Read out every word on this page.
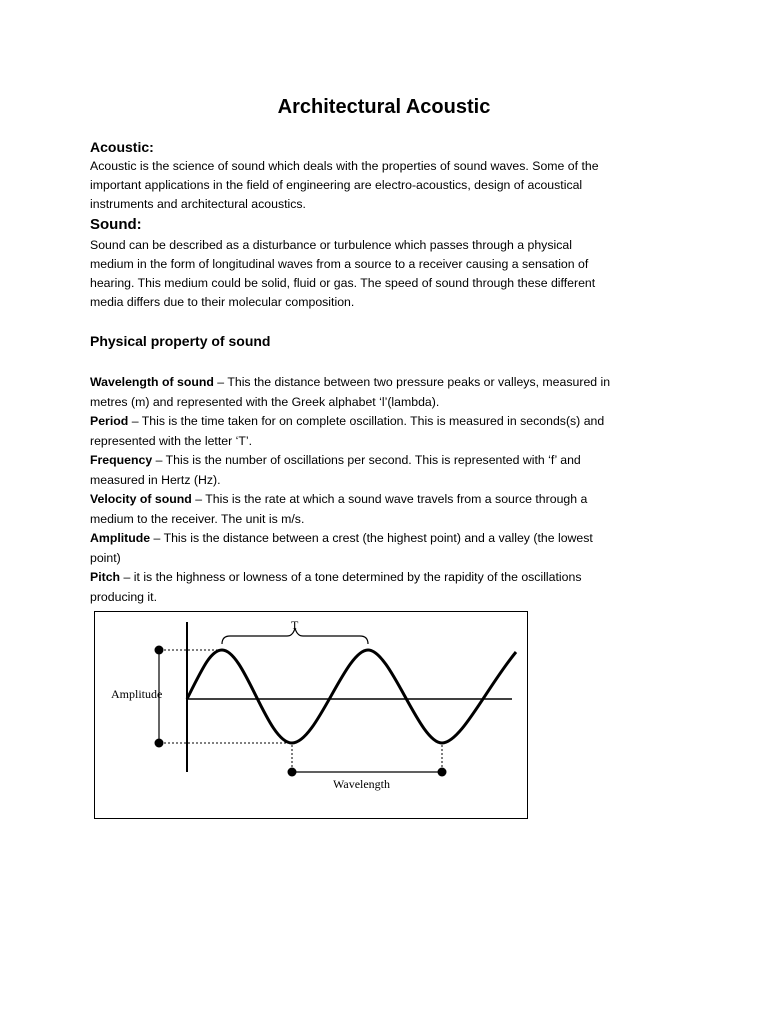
Architectural Acoustic
Acoustic:

Acoustic is the science of sound which deals with the properties of sound waves. Some of the

important applications in the field of engineering are electro-acoustics, design of acoustical

instruments and architectural acoustics.

Sound:

Sound can be described as a disturbance or turbulence which passes through a physical

medium in the form of longitudinal waves from a source to a receiver causing a sensation of

hearing. This medium could be solid, fluid or gas. The speed of sound through these different

media differs due to their molecular composition.

Physical property of sound

Wavelength of sound – This the distance between two pressure peaks or valleys, measured in
metres (m) and represented with the Greek alphabet ‘l’(lambda).

Period – This is the time taken for on complete oscillation. This is measured in seconds(s) and
represented with the letter ‘T’.

Frequency – This is the number of oscillations per second. This is represented with ‘f’ and
measured in Hertz (Hz).

Velocity of sound – This is the rate at which a sound wave travels from a source through a
medium to the receiver. The unit is m/s.

Amplitude – This is the distance between a crest (the highest point) and a valley (the lowest
point)

Pitch – it is the highness or lowness of a tone determined by the rapidity of the oscillations
producing it.

Amplitude
T
Wavelength
